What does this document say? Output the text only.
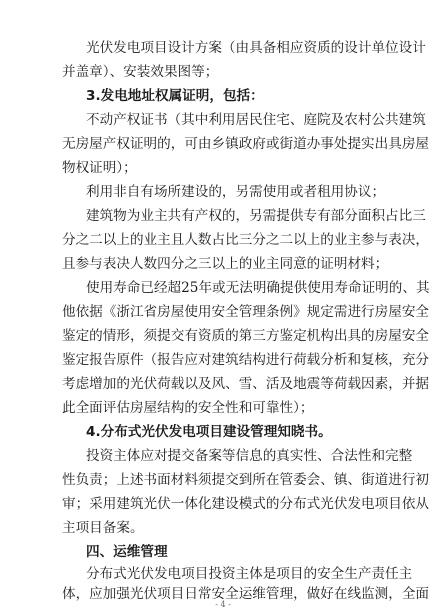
光伏发电项目设计方案（由具备相应资质的设计单位设计
并盖章）、安装效果图等；
3.发电地址权属证明，包括：
不动产权证书（其中利用居民住宅、庭院及农村公共建筑
无房屋产权证明的，可由乡镇政府或街道办事处提实出具房屋
物权证明）；
利用非自有场所建设的，另需使用或者租用协议；
建筑物为业主共有产权的，另需提供专有部分面积占比三
分之二以上的业主且人数占比三分之二以上的业主参与表决，
且参与表决人数四分之三以上的业主同意的证明材料；
使用寿命已经超25年或无法明确提供使用寿命证明的、其
他依据《浙江省房屋使用安全管理条例》规定需进行房屋安全
鉴定的情形，须提交有资质的第三方鉴定机构出具的房屋安全
鉴定报告原件（报告应对建筑结构进行荷载分析和复核，充分
考虑增加的光伏荷载以及风、雪、活及地震等荷载因素，并据
此全面评估房屋结构的安全性和可靠性）；
4.分布式光伏发电项目建设管理知晓书。
投资主体应对提交备案等信息的真实性、合法性和完整
性负责；上述书面材料须提交到所在管委会、镇、街道进行初
审；采用建筑光伏一体化建设模式的分布式光伏发电项目依从
主项目备案。
四、运维管理
分布式光伏发电项目投资主体是项目的安全生产责任主
体，应加强光伏项目日常安全运维管理，做好在线监测，全面
- 4 -
